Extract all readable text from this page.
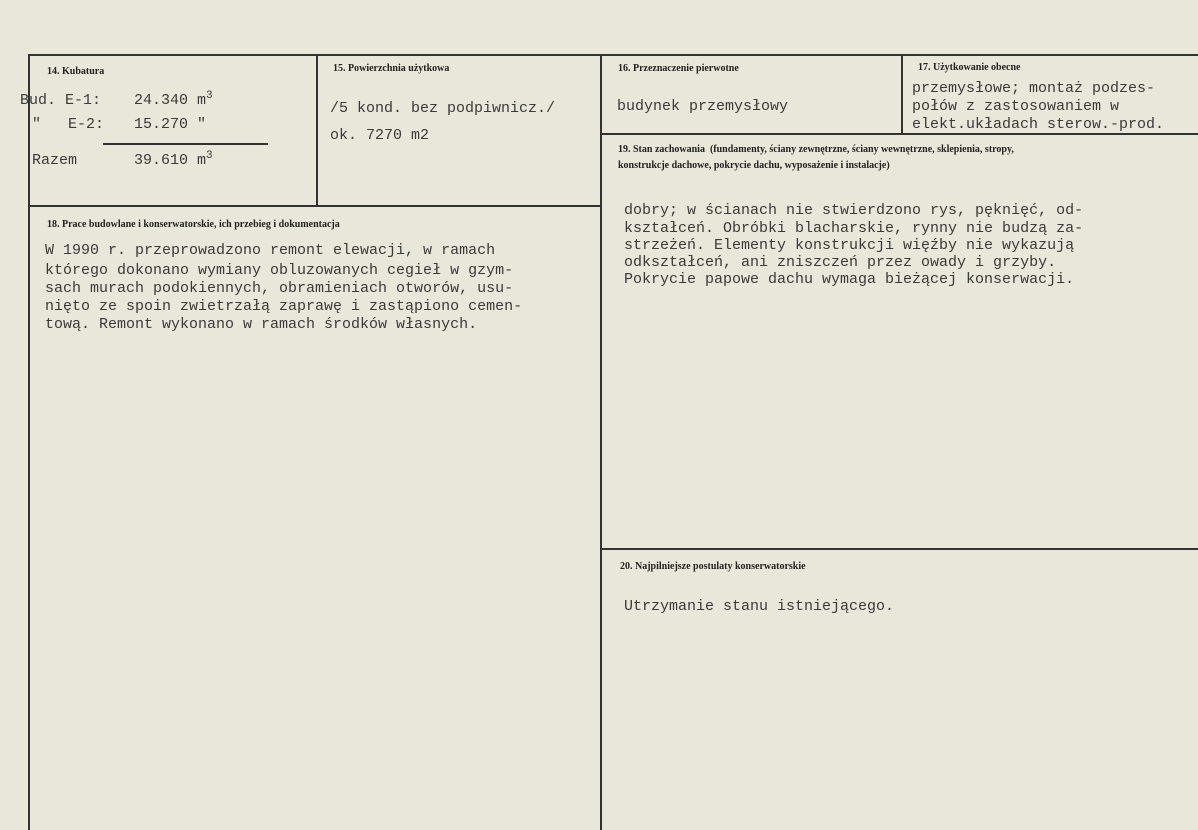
14. Kubatura
Bud. E-1: 24.340 $m^3$
"   E-2: 15.270 "
Razem	39.610 $m^3$
15. Powierzchnia użytkowa
/5 kond. bez podpiwnicz./
ok. 7270 m2
16. Przeznaczenie pierwotne
budynek przemysłowy
17. Użytkowanie obecne
przemysłowe; montaż podzes-
połów z zastosowaniem w
elekt.układach sterow.-prod.
18. Prace budowlane i konserwatorskie, ich przebieg i dokumentacja
W 1990 r. przeprowadzono remont elewacji, w ramach
którego dokonano wymiany obluzowanych cegieł w gzym-
sach murach podokiennych, obramieniach otworów, usu-
nięto ze spoin zwietrzałą zaprawę i zastąpiono cemen-
tową. Remont wykonano w ramach środków własnych.
19. Stan zachowania  (fundamenty, ściany zewnętrzne, ściany wewnętrzne, sklepienia, stropy,
konstrukcje dachowe, pokrycie dachu, wyposażenie i instalacje)
dobry; w ścianach nie stwierdzono rys, pęknięć, od-
kształceń. Obróbki blacharskie, rynny nie budzą za-
strzeżeń. Elementy konstrukcji więźby nie wykazują
odkształceń, ani zniszczeń przez owady i grzyby.
Pokrycie papowe dachu wymaga bieżącej konserwacji.
20. Najpilniejsze postulaty konserwatorskie
Utrzymanie stanu istniejącego.
